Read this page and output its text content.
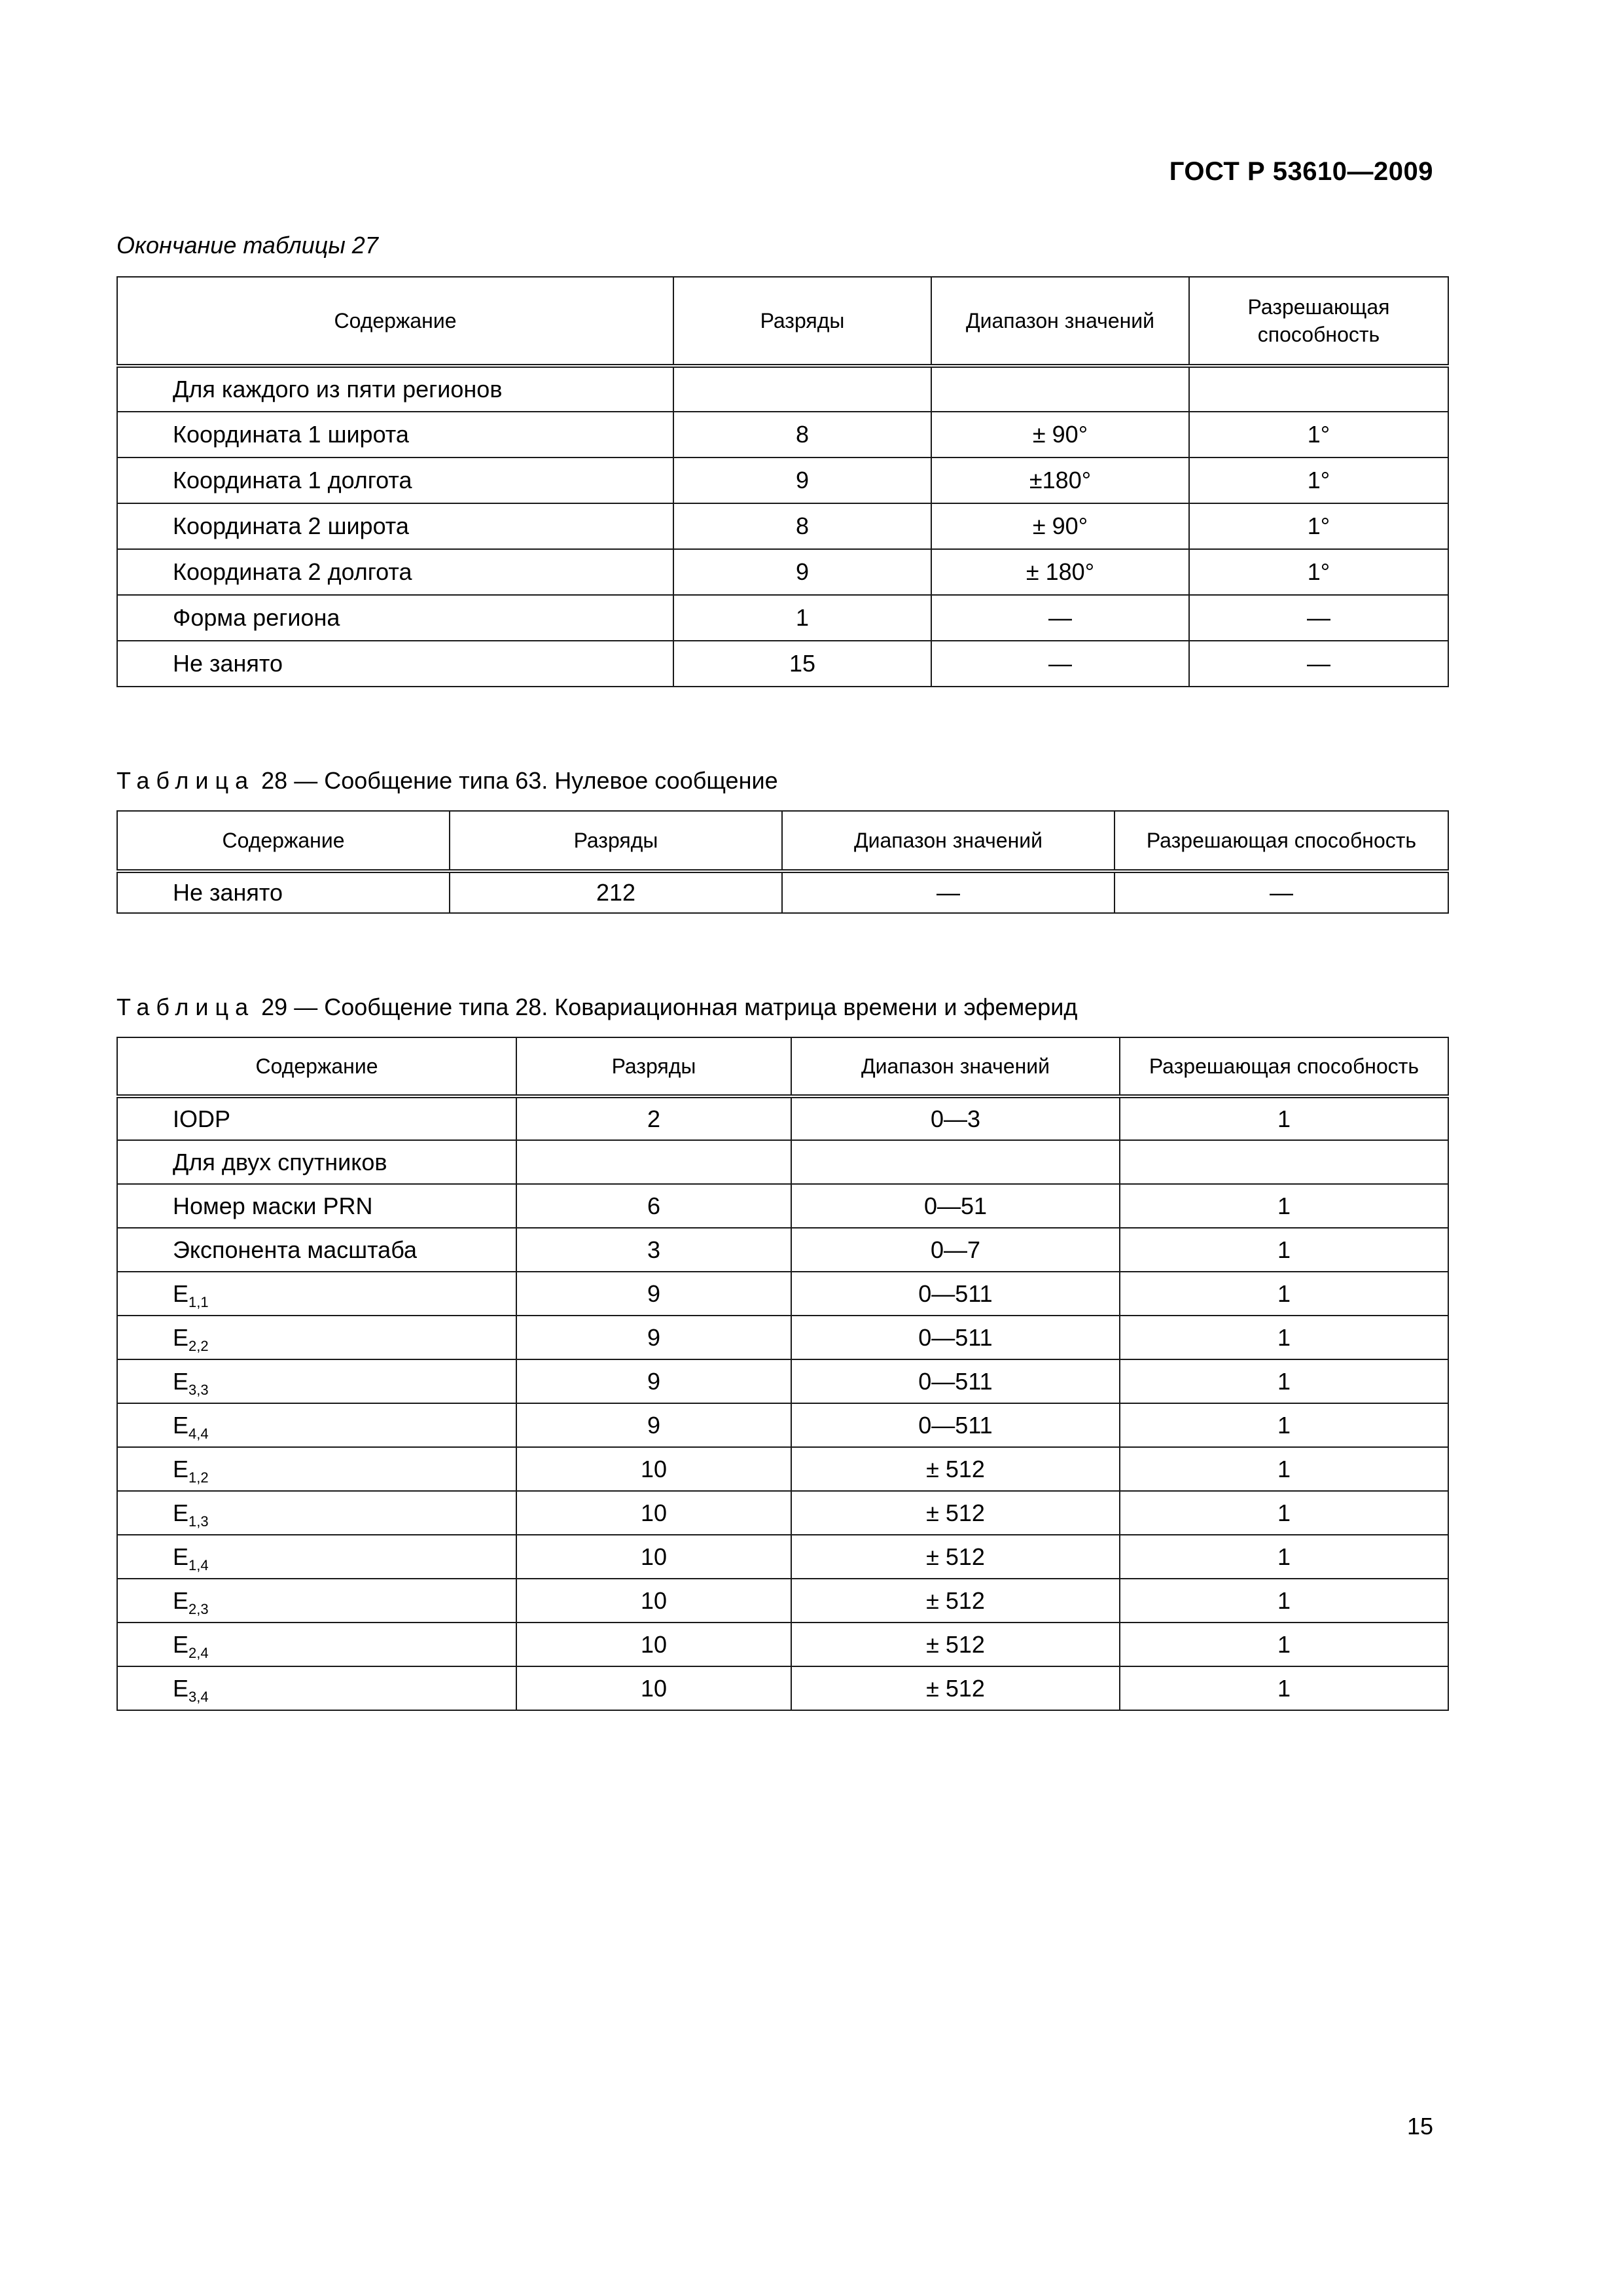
ГОСТ Р 53610—2009
Окончание таблицы 27
Содержание	Разряды	Диапазон значений	Разрешающая способность
Для каждого из пяти регионов			
Координата 1 широта	8	± 90°	1°
Координата 1 долгота	9	±180°	1°
Координата 2 широта	8	± 90°	1°
Координата 2 долгота	9	± 180°	1°
Форма региона	1	—	—
Не занято	15	—	—
Таблица 28 — Сообщение типа 63. Нулевое сообщение
Содержание	Разряды	Диапазон значений	Разрешающая способность
Не занято	212	—	—
Таблица 29 — Сообщение типа 28. Ковариационная матрица времени и эфемерид
Содержание	Разряды	Диапазон значений	Разрешающая способность
IODP	2	0—3	1
Для двух спутников			
Номер маски PRN	6	0—51	1
Экспонента масштаба	3	0—7	1
$E_{1,1}$	9	0—511	1
$E_{2,2}$	9	0—511	1
$E_{3,3}$	9	0—511	1
$E_{4,4}$	9	0—511	1
$E_{1,2}$	10	± 512	1
$E_{1,3}$	10	± 512	1
$E_{1,4}$	10	± 512	1
$E_{2,3}$	10	± 512	1
$E_{2,4}$	10	± 512	1
$E_{3,4}$	10	± 512	1
15
